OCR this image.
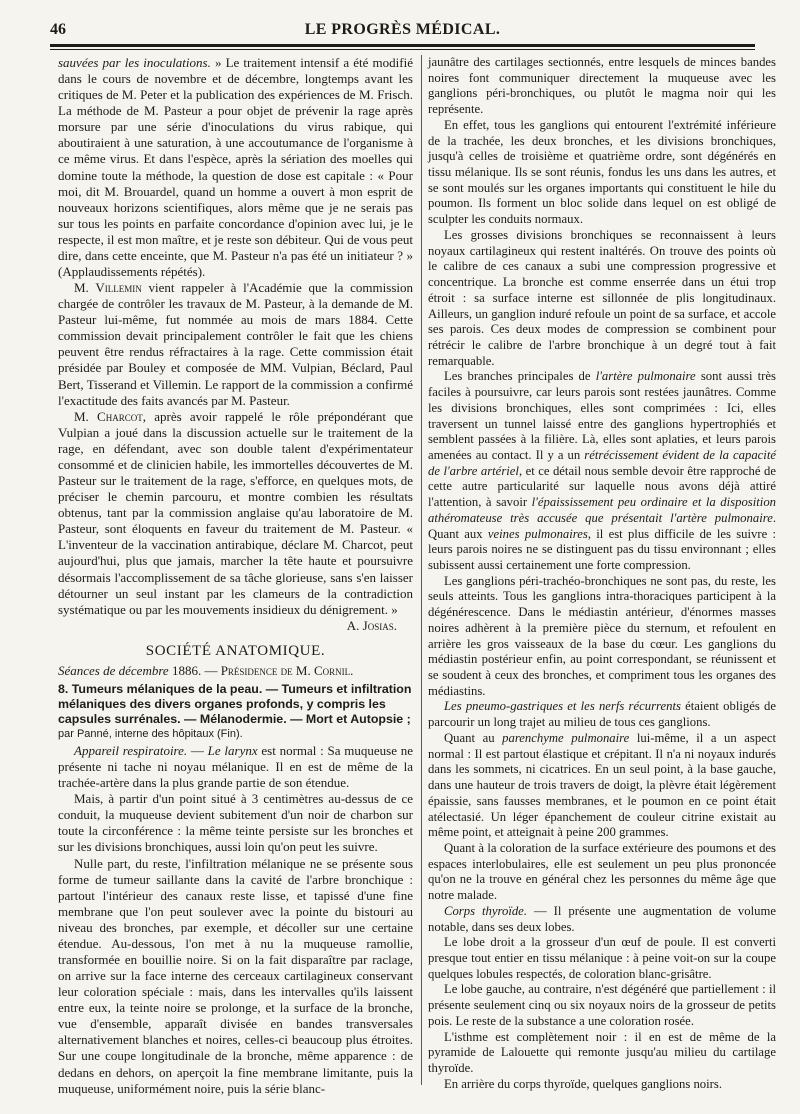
46	LE PROGRÈS MÉDICAL.

sauvées par les inoculations. » Le traitement intensif a été modifié dans le cours de novembre et de décembre, longtemps avant les critiques de M. Peter et la publication des expériences de M. Frisch. La méthode de M. Pasteur a pour objet de prévenir la rage après morsure par une série d'inoculations du virus rabique, qui aboutiraient à une saturation, à une accoutumance de l'organisme à ce même virus. Et dans l'espèce, après la sériation des moelles qui domine toute la méthode, la question de dose est capitale : « Pour moi, dit M. Brouardel, quand un homme a ouvert à mon esprit de nouveaux horizons scientifiques, alors même que je ne serais pas sur tous les points en parfaite concordance d'opinion avec lui, je le respecte, il est mon maître, et je reste son débiteur. Qui de vous peut dire, dans cette enceinte, que M. Pasteur n'a pas été un initiateur ? » (Applaudissements répétés).

M. Villemin vient rappeler à l'Académie que la commission chargée de contrôler les travaux de M. Pasteur, à la demande de M. Pasteur lui-même, fut nommée au mois de mars 1884. Cette commission devait principalement contrôler le fait que les chiens peuvent être rendus réfractaires à la rage. Cette commission était présidée par Bouley et composée de MM. Vulpian, Béclard, Paul Bert, Tisserand et Villemin. Le rapport de la commission a confirmé l'exactitude des faits avancés par M. Pasteur.

M. Charcot, après avoir rappelé le rôle prépondérant que Vulpian a joué dans la discussion actuelle sur le traitement de la rage, en défendant, avec son double talent d'expérimentateur consommé et de clinicien habile, les immortelles découvertes de M. Pasteur sur le traitement de la rage, s'efforce, en quelques mots, de préciser le chemin parcouru, et montre combien les résultats obtenus, tant par la commission anglaise qu'au laboratoire de M. Pasteur, sont éloquents en faveur du traitement de M. Pasteur. « L'inventeur de la vaccination antirabique, déclare M. Charcot, peut aujourd'hui, plus que jamais, marcher la tête haute et poursuivre désormais l'accomplissement de sa tâche glorieuse, sans s'en laisser détourner un seul instant par les clameurs de la contradiction systématique ou par les mouvements insidieux du dénigrement. »

A. Josias.

SOCIÉTÉ ANATOMIQUE.

Séances de décembre 1886. — Présidence de M. Cornil.

8. Tumeurs mélaniques de la peau. — Tumeurs et infiltration mélaniques des divers organes profonds, y compris les capsules surrénales. — Mélanodermie. — Mort et Autopsie ;

par Panné, interne des hôpitaux (Fin).

Appareil respiratoire. — Le larynx est normal : Sa muqueuse ne présente ni tache ni noyau mélanique. Il en est de même de la trachée-artère dans la plus grande partie de son étendue.

Mais, à partir d'un point situé à 3 centimètres au-dessus de ce conduit, la muqueuse devient subitement d'un noir de charbon sur toute la circonférence : la même teinte persiste sur les bronches et sur les divisions bronchiques, aussi loin qu'on peut les suivre.

Nulle part, du reste, l'infiltration mélanique ne se présente sous forme de tumeur saillante dans la cavité de l'arbre bronchique : partout l'intérieur des canaux reste lisse, et tapissé d'une fine membrane que l'on peut soulever avec la pointe du bistouri au niveau des bronches, par exemple, et décoller sur une certaine étendue. Au-dessous, l'on met à nu la muqueuse ramollie, transformée en bouillie noire. Si on la fait disparaître par raclage, on arrive sur la face interne des cerceaux cartilagineux conservant leur coloration spéciale : mais, dans les intervalles qu'ils laissent entre eux, la teinte noire se prolonge, et la surface de la bronche, vue d'ensemble, apparaît divisée en bandes transversales alternativement blanches et noires, celles-ci beaucoup plus étroites. Sur une coupe longitudinale de la bronche, même apparence : de dedans en dehors, on aperçoit la fine membrane limitante, puis la muqueuse, uniformément noire, puis la série blanc-

jaunâtre des cartilages sectionnés, entre lesquels de minces bandes noires font communiquer directement la muqueuse avec les ganglions péri-bronchiques, ou plutôt le magma noir qui les représente.

En effet, tous les ganglions qui entourent l'extrémité inférieure de la trachée, les deux bronches, et les divisions bronchiques, jusqu'à celles de troisième et quatrième ordre, sont dégénérés en tissu mélanique. Ils se sont réunis, fondus les uns dans les autres, et se sont moulés sur les organes importants qui constituent le hile du poumon. Ils forment un bloc solide dans lequel on est obligé de sculpter les conduits normaux.

Les grosses divisions bronchiques se reconnaissent à leurs noyaux cartilagineux qui restent inaltérés. On trouve des points où le calibre de ces canaux a subi une compression progressive et concentrique. La bronche est comme enserrée dans un étui trop étroit : sa surface interne est sillonnée de plis longitudinaux. Ailleurs, un ganglion induré refoule un point de sa surface, et accole ses parois. Ces deux modes de compression se combinent pour rétrécir le calibre de l'arbre bronchique à un degré tout à fait remarquable.

Les branches principales de l'artère pulmonaire sont aussi très faciles à poursuivre, car leurs parois sont restées jaunâtres. Comme les divisions bronchiques, elles sont comprimées : Ici, elles traversent un tunnel laissé entre des ganglions hypertrophiés et semblent passées à la filière. Là, elles sont aplaties, et leurs parois amenées au contact. Il y a un rétrécissement évident de la capacité de l'arbre artériel, et ce détail nous semble devoir être rapproché de cette autre particularité sur laquelle nous avons déjà attiré l'attention, à savoir l'épaississement peu ordinaire et la disposition athéromateuse très accusée que présentait l'artère pulmonaire. Quant aux veines pulmonaires, il est plus difficile de les suivre : leurs parois noires ne se distinguent pas du tissu environnant ; elles subissent aussi certainement une forte compression.

Les ganglions péri-trachéo-bronchiques ne sont pas, du reste, les seuls atteints. Tous les ganglions intra-thoraciques participent à la dégénérescence. Dans le médiastin antérieur, d'énormes masses noires adhèrent à la première pièce du sternum, et refoulent en arrière les gros vaisseaux de la base du cœur. Les ganglions du médiastin postérieur enfin, au point correspondant, se réunissent et se soudent à ceux des bronches, et compriment tous les organes des médiastins.

Les pneumo-gastriques et les nerfs récurrents étaient obligés de parcourir un long trajet au milieu de tous ces ganglions.

Quant au parenchyme pulmonaire lui-même, il a un aspect normal : Il est partout élastique et crépitant. Il n'a ni noyaux indurés dans les sommets, ni cicatrices. En un seul point, à la base gauche, dans une hauteur de trois travers de doigt, la plèvre était légèrement épaissie, sans fausses membranes, et le poumon en ce point était atélectasié. Un léger épanchement de couleur citrine existait au même point, et atteignait à peine 200 grammes.

Quant à la coloration de la surface extérieure des poumons et des espaces interlobulaires, elle est seulement un peu plus prononcée qu'on ne la trouve en général chez les personnes du même âge que notre malade.

Corps thyroïde. — Il présente une augmentation de volume notable, dans ses deux lobes.

Le lobe droit a la grosseur d'un œuf de poule. Il est converti presque tout entier en tissu mélanique : à peine voit-on sur la coupe quelques lobules respectés, de coloration blanc-grisâtre.

Le lobe gauche, au contraire, n'est dégénéré que partiellement : il présente seulement cinq ou six noyaux noirs de la grosseur de petits pois. Le reste de la substance a une coloration rosée.

L'isthme est complètement noir : il en est de même de la pyramide de Lalouette qui remonte jusqu'au milieu du cartilage thyroïde.

En arrière du corps thyroïde, quelques ganglions noirs.
